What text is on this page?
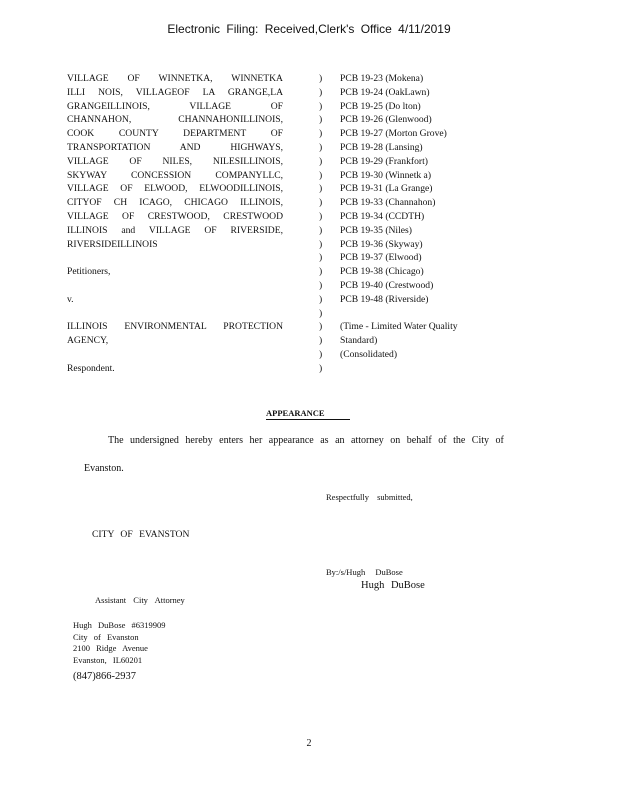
Electronic Filing: Received,Clerk's Office 4/11/2019
VILLAGE OF WINNETKA, WINNETKA
ILLI NOIS, VILLAGEOF LA GRANGE,LA
GRANGEILLINOIS, VILLAGE OF
CHANNAHON, CHANNAHONILLINOIS,
COOK COUNTY DEPARTMENT OF
TRANSPORTATION AND HIGHWAYS,
VILLAGE OF NILES, NILESILLINOIS,
SKYWAY CONCESSION COMPANYLLC,
VILLAGE OF ELWOOD, ELWOODILLINOIS,
CITYOF CH ICAGO, CHICAGO ILLINOIS,
VILLAGE OF CRESTWOOD, CRESTWOOD
ILLINOIS and VILLAGE OF RIVERSIDE,
RIVERSIDEILLINOIS
Petitioners,
v.
ILLINOIS ENVIRONMENTAL PROTECTION
AGENCY,
Respondent.
)
)
)
)
)
)
)
)
)
)
)
)
)
)
)
)
)
)
)
)
)
)
PCB 19-23 (Mokena)
PCB 19-24 (OakLawn)
PCB 19-25 (Do lton)
PCB 19-26 (Glenwood)
PCB 19-27 (Morton Grove)
PCB 19-28 (Lansing)
PCB 19-29 (Frankfort)
PCB 19-30 (Winnetk a)
PCB 19-31 (La Grange)
PCB 19-33 (Channahon)
PCB 19-34 (CCDTH)
PCB 19-35 (Niles)
PCB 19-36 (Skyway)
PCB 19-37 (Elwood)
PCB 19-38 (Chicago)
PCB 19-40 (Crestwood)
PCB 19-48 (Riverside)
(Time - Limited Water Quality
Standard)
(Consolidated)
APPEARANCE
The undersigned hereby enters her appearance as an attorney on behalf of the City of
Evanston.
Respectfully submitted,
CITY OF EVANSTON
By:/s/Hugh DuBose
Hugh DuBose
Assistant City Attorney
Hugh DuBose #6319909
City of Evanston
2100 Ridge Avenue
Evanston, IL60201
(847)866-2937
2
